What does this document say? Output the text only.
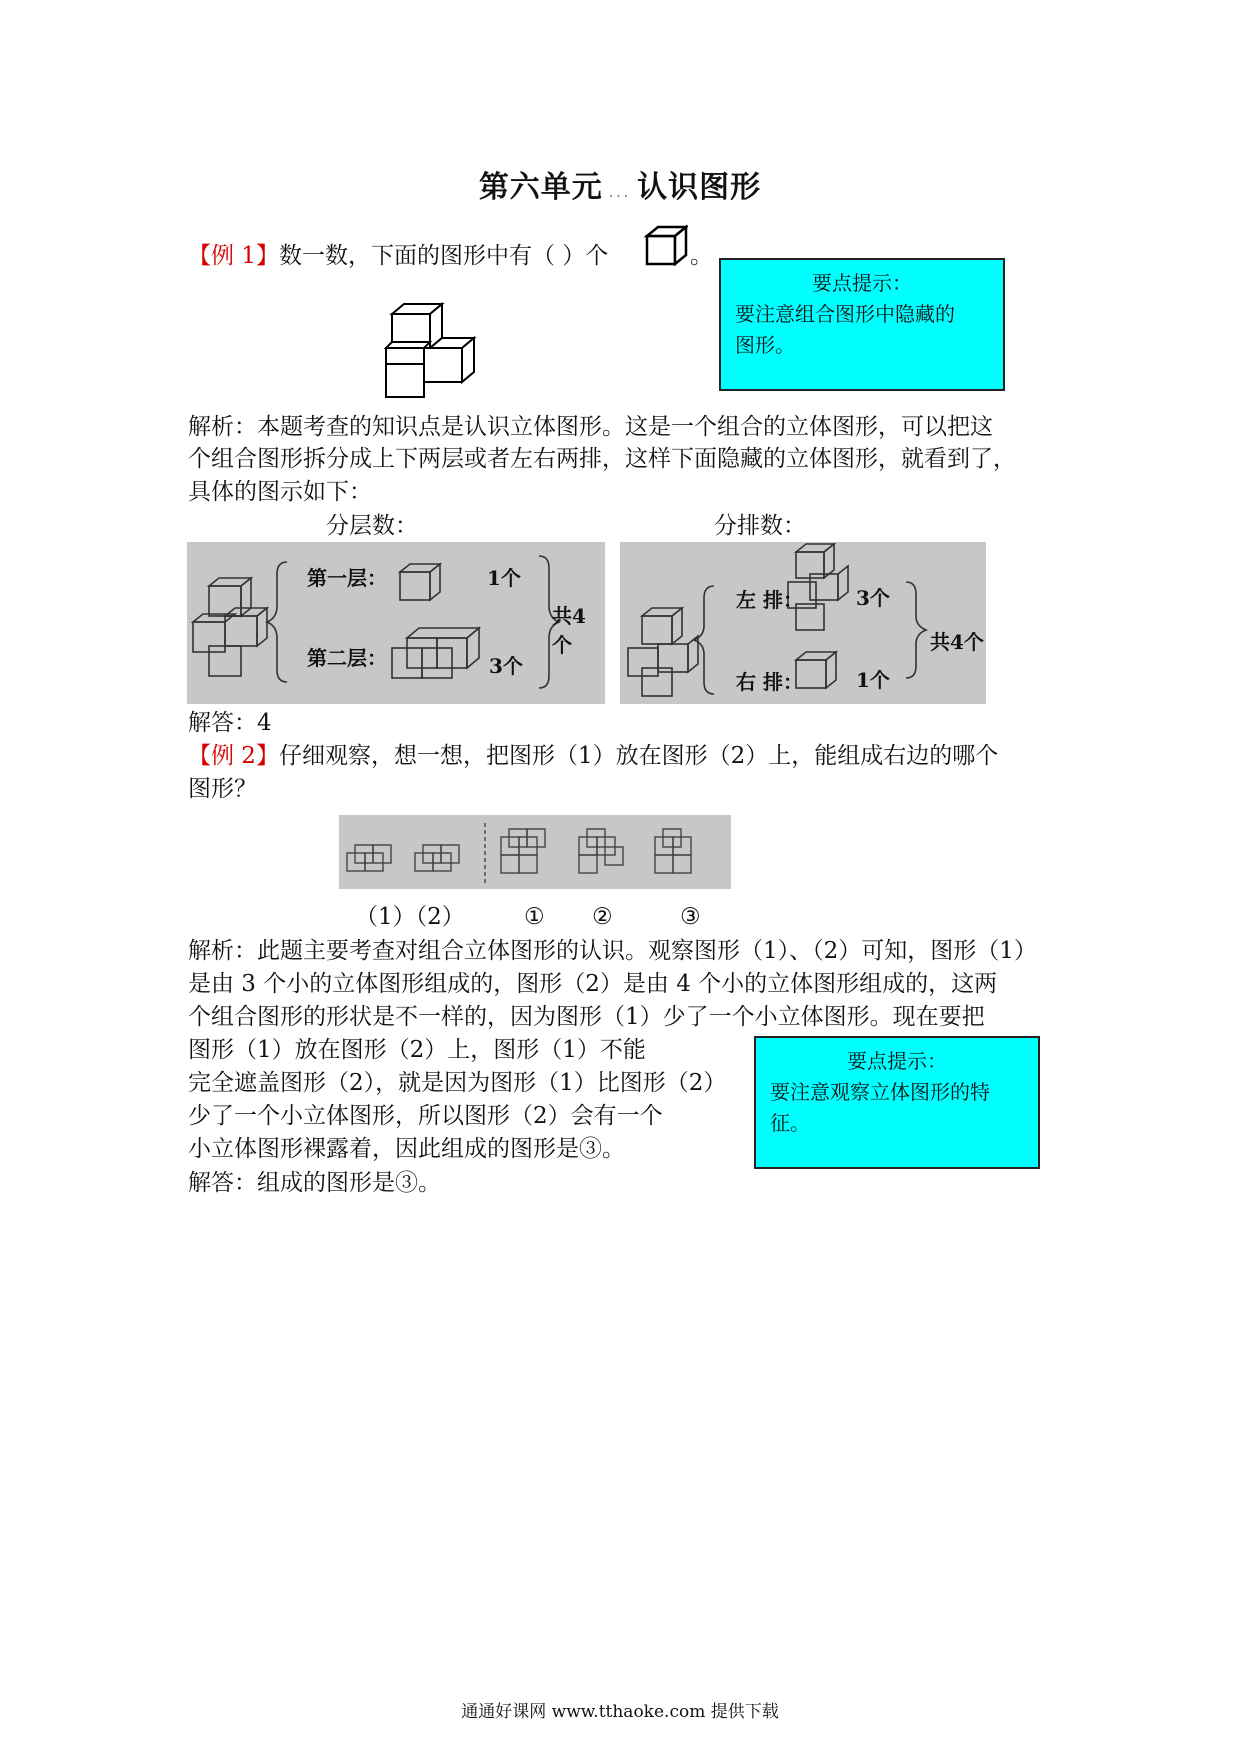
第六单元 ... 认识图形
【例 1】数一数，下面的图形中有（ ）个	。
要点提示：
要注意组合图形中隐藏的
图形。
解析：本题考查的知识点是认识立体图形。这是一个组合的立体图形，可以把这
个组合图形拆分成上下两层或者左右两排，这样下面隐藏的立体图形，就看到了，
具体的图示如下：
分层数：	分排数：
第一层：	1个
第二层：	3个
共4个
左 排：	3个
右 排：	1个
共4个
解答：4
【例 2】仔细观察，想一想，把图形（1）放在图形（2）上，能组成右边的哪个
图形？
（1）（2）	① ②	③
解析：此题主要考查对组合立体图形的认识。观察图形（1）、（2）可知，图形（1）
是由 3 个小的立体图形组成的，图形（2）是由 4 个小的立体图形组成的，这两
个组合图形的形状是不一样的，因为图形（1）少了一个小立体图形。现在要把
图形（1）放在图形（2）上，图形（1）不能
完全遮盖图形（2），就是因为图形（1）比图形（2）
少了一个小立体图形，所以图形（2）会有一个
小立体图形裸露着，因此组成的图形是③。
要点提示：
要注意观察立体图形的特
征。
解答：组成的图形是③。
通通好课网 www.tthaoke.com 提供下载
